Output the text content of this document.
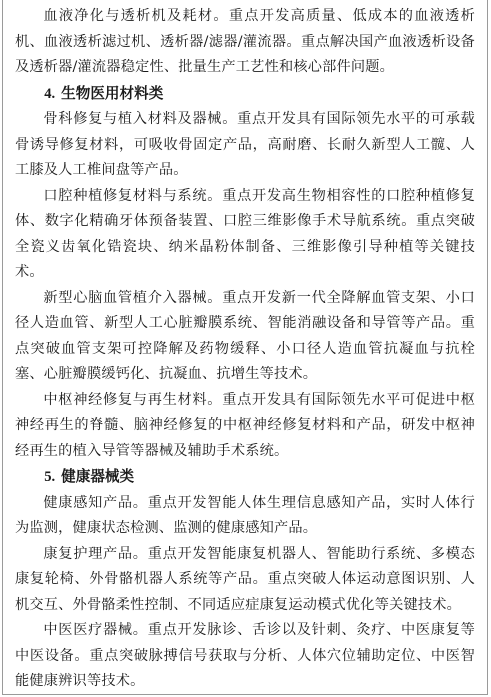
血液净化与透析机及耗材。重点开发高质量、低成本的血液透析机、血液透析滤过机、透析器/滤器/灌流器。重点解决国产血液透析设备及透析器/灌流器稳定性、批量生产工艺性和核心部件问题。

4. 生物医用材料类

骨科修复与植入材料及器械。重点开发具有国际领先水平的可承载骨诱导修复材料，可吸收骨固定产品，高耐磨、长耐久新型人工髋、人工膝及人工椎间盘等产品。

口腔种植修复材料与系统。重点开发高生物相容性的口腔种植修复体、数字化精确牙体预备装置、口腔三维影像手术导航系统。重点突破全瓷义齿氧化锆瓷块、纳米晶粉体制备、三维影像引导种植等关键技术。

新型心脑血管植介入器械。重点开发新一代全降解血管支架、小口径人造血管、新型人工心脏瓣膜系统、智能消融设备和导管等产品。重点突破血管支架可控降解及药物缓释、小口径人造血管抗凝血与抗栓塞、心脏瓣膜缓钙化、抗凝血、抗增生等技术。

中枢神经修复与再生材料。重点开发具有国际领先水平可促进中枢神经再生的脊髓、脑神经修复的中枢神经修复材料和产品，研发中枢神经再生的植入导管等器械及辅助手术系统。

5. 健康器械类

健康感知产品。重点开发智能人体生理信息感知产品，实时人体行为监测，健康状态检测、监测的健康感知产品。

康复护理产品。重点开发智能康复机器人、智能助行系统、多模态康复轮椅、外骨骼机器人系统等产品。重点突破人体运动意图识别、人机交互、外骨骼柔性控制、不同适应症康复运动模式优化等关键技术。

中医医疗器械。重点开发脉诊、舌诊以及针刺、灸疗、中医康复等中医设备。重点突破脉搏信号获取与分析、人体穴位辅助定位、中医智能健康辨识等技术。
